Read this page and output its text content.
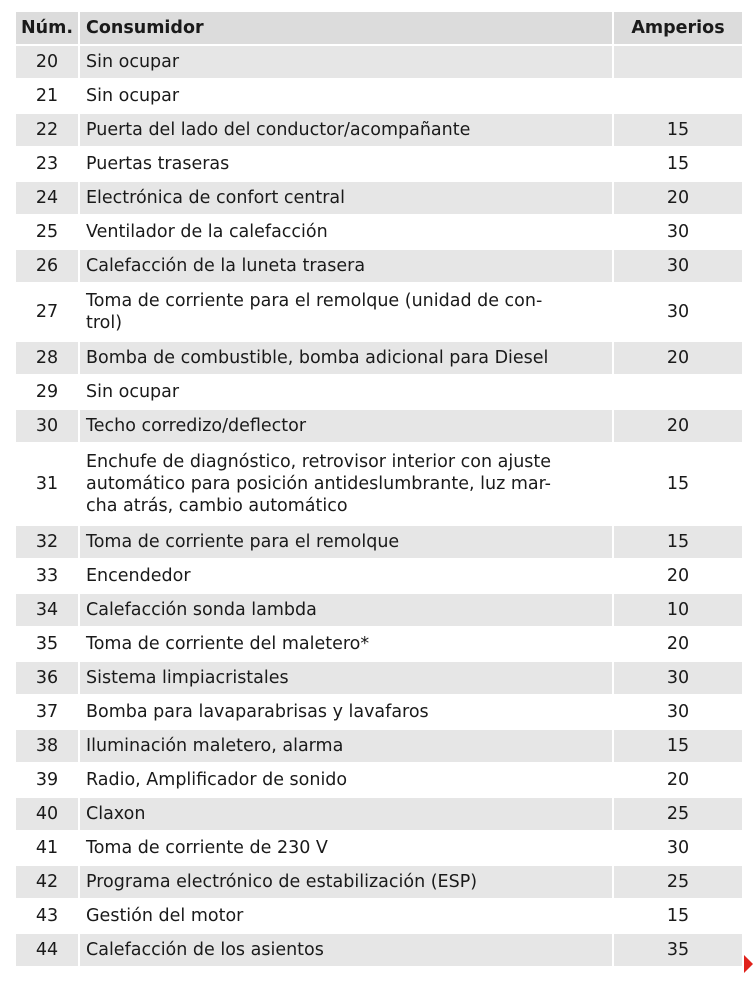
Núm.	Consumidor	Amperios
20	Sin ocupar	
21	Sin ocupar	
22	Puerta del lado del conductor/acompañante	15
23	Puertas traseras	15
24	Electrónica de confort central	20
25	Ventilador de la calefacción	30
26	Calefacción de la luneta trasera	30
27	Toma de corriente para el remolque (unidad de con-
trol)	30
28	Bomba de combustible, bomba adicional para Diesel	20
29	Sin ocupar	
30	Techo corredizo/deflector	20
31	Enchufe de diagnóstico, retrovisor interior con ajuste
automático para posición antideslumbrante, luz mar-
cha atrás, cambio automático	15
32	Toma de corriente para el remolque	15
33	Encendedor	20
34	Calefacción sonda lambda	10
35	Toma de corriente del maletero*	20
36	Sistema limpiacristales	30
37	Bomba para lavaparabrisas y lavafaros	30
38	Iluminación maletero, alarma	15
39	Radio, Amplificador de sonido	20
40	Claxon	25
41	Toma de corriente de 230 V	30
42	Programa electrónico de estabilización (ESP)	25
43	Gestión del motor	15
44	Calefacción de los asientos	35
